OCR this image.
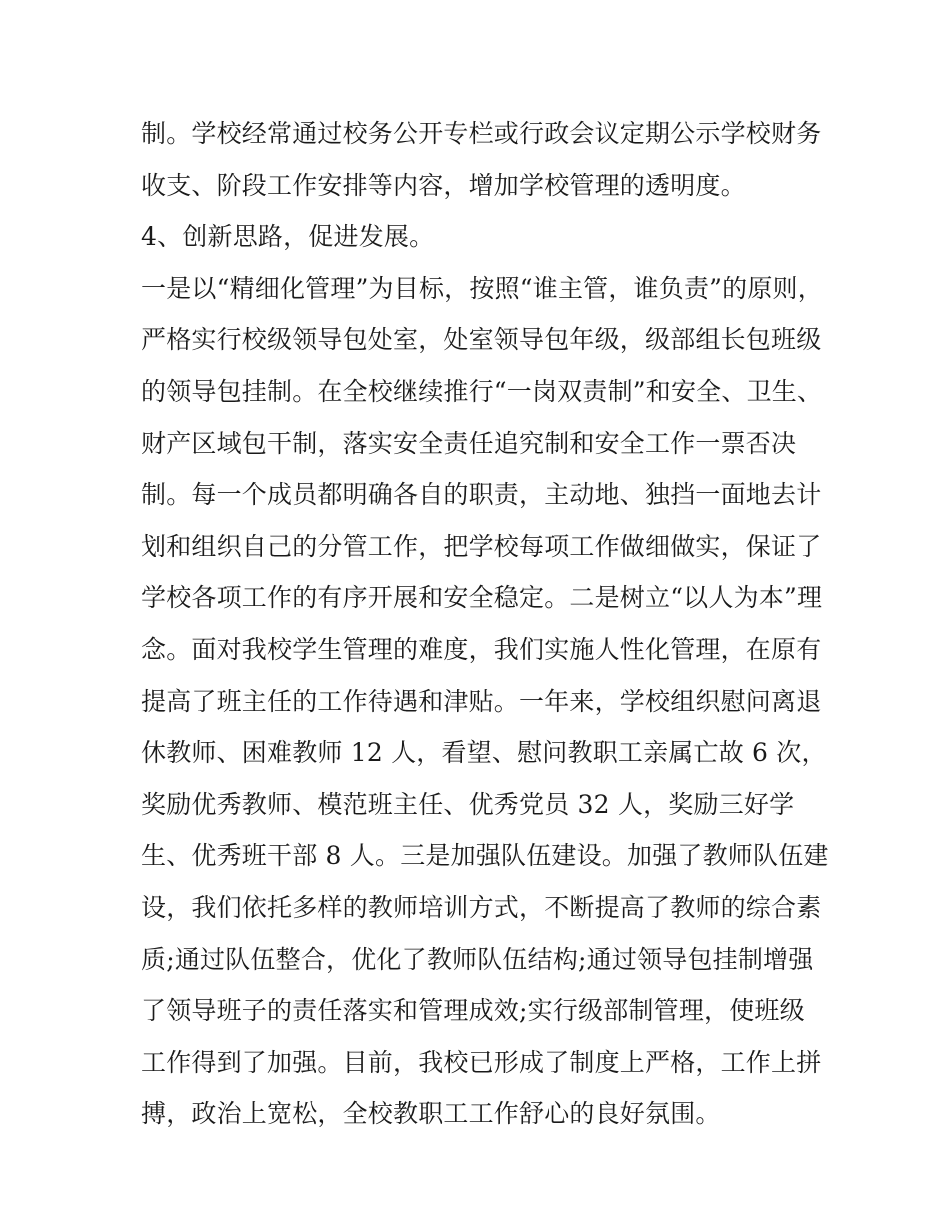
制。学校经常通过校务公开专栏或行政会议定期公示学校财务
收支、阶段工作安排等内容，增加学校管理的透明度。
4、创新思路，促进发展。
一是以“精细化管理”为目标，按照“谁主管，谁负责”的原则，
严格实行校级领导包处室，处室领导包年级，级部组长包班级
的领导包挂制。在全校继续推行“一岗双责制”和安全、卫生、
财产区域包干制，落实安全责任追究制和安全工作一票否决
制。每一个成员都明确各自的职责，主动地、独挡一面地去计
划和组织自己的分管工作，把学校每项工作做细做实，保证了
学校各项工作的有序开展和安全稳定。二是树立“以人为本”理
念。面对我校学生管理的难度，我们实施人性化管理，在原有
提高了班主任的工作待遇和津贴。一年来，学校组织慰问离退
休教师、困难教师 12 人，看望、慰问教职工亲属亡故 6 次，
奖励优秀教师、模范班主任、优秀党员 32 人，奖励三好学
生、优秀班干部 8 人。三是加强队伍建设。加强了教师队伍建
设，我们依托多样的教师培训方式，不断提高了教师的综合素
质;通过队伍整合，优化了教师队伍结构;通过领导包挂制增强
了领导班子的责任落实和管理成效;实行级部制管理，使班级
工作得到了加强。目前，我校已形成了制度上严格，工作上拼
搏，政治上宽松，全校教职工工作舒心的良好氛围。
